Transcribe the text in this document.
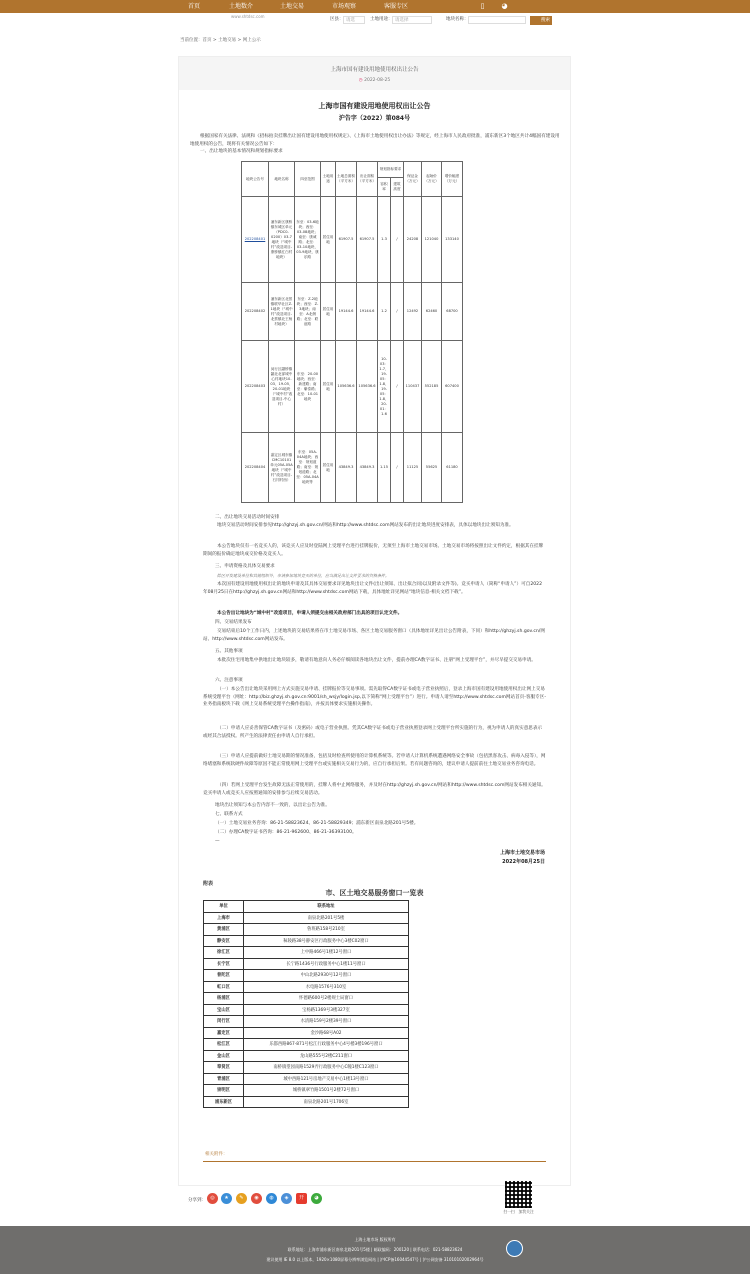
首页	土地数介	土地交易	市场观察	客服专区	▯	◕
www.shtdsc.com
区县： 请选	土地用途： 请选择	地块名称：	搜索
当前位置：首页 > 土地交易 > 网上公示
上海市国有建设用地使用权出让公告
◷ 2022-08-25
上海市国有建设用地使用权出让公告
沪告字（2022）第084号
根据国家有关法律、法规和《招标拍卖挂牌出让国有建设用地使用权规定》、《上海市土地使用权出让办法》等规定，经上海市人民政府批准，浦东新区3个地区共计4幅国有建设用地使用权的公告，现将有关情况公告如下：
一、出让地块的基本情况和规划指标要求
地块公告号	地块名称	四至范围	土地用途	土地总面积（平方米）	出让面积（平方米）	规划指标要求		保证金（万元）	起始价（万元）	增价幅度（万元）
						容积率	建筑高度			
202208401	浦东新区康桥镇东城区单元（PDC0-0200）03-7地块（“城中村”改造项目-康桥镇红白村地块）	东至：03-6地块；西至：03-08地块；南至：康诚路；北至：03-10地块、03-9地块、康乐路	居住用地	61907.5	61907.5	1.3	/	24208	121040	133140
202208402	浦东新区北蔡镇联华社区Z-1地块（“城中村”改造项目-北蔡镇北王杨村地块）	东至：Z-2地块；西至：Z-3地块；南至：A北侧路；北至：联谊路	居住用地	19144.6	19144.6	1.2	/	12492	62460	68700
202208403	闵行区颛桥镇颛北北部城中心村地块10-03、19-05、20-01地块（“城中村”改造项目-中心村）	东至：20-00地块；西至：新建路；南至：紫泰路；北至：10-01地块	居住用地	105636.6	105636.6	10-03：1.7、19-05：1.8、19-05：1.8、20-01：1.6	/	110437	552185	607400
202208404	嘉定区城东镇CMC10101单元05A-05A地块（“城中村”改造项目-石冈村西）	东至：05A-04A地块；西至：规划道路；南至：规划道路；北至：05A-04A地块等	居住用地	43849.3	43849.3	1.15	/	11125	55625	61180
二、出让地块交易活动时间安排
地块交易活动时间安排参见http://ghzyj.sh.gov.cn/网站和http://www.shtdsc.com网站发布的出让地块进度安排表，具体以地块出让须知为准。
本公告地块仅有一名竞买人的，该竞买人应及时登陆网上受理平台进行挂牌报价，无须至上海市土地交易市场。土地交易市场将按照出让文件约定，根据其在挂牌期间的报价确定地块成交价格及竞买人。
三、申请资格及具体交易要求
除区开发建设单位和其他组织外，申请参加地块竞买的单位，应当满足出让文件要求的资格条件。
本次国有建设用地使用权出让的地块申请及其具体交易要求详见地块出让文件(出让须知、出让拟合同)以及附录文件等)。竞买申请人（简称“申请人”）可自2022年08月25日在http://ghzyj.sh.gov.cn网站和http://www.shtdsc.com网站下载，具体地址详见网站“地块信息-相关文档下载”。
本公告出让地块为“城中村”改造项目，申请人须提交由相关政府部门出具的项目认定文件。
四、交易结果发布
交易结束后10个工作日内，上述地块的交易结果将在市土地交易市场、各区土地交易服务窗口（具体地址详见出让公告附表，下同）和http://ghzyj.sh.gov.cn/网站、http://www.shtdsc.com网站发布。
五、其他事项
本批次住宅用地集中供地出让地块较多，敬请有地意向人务必仔细阅读各地块出让文件，提前办理CA数字证书、注册“网上受理平台”，并尽早提交交易申请。
六、注意事项
（一）本公告出让地块采用网上方式实施交易申请、挂牌报价等交易事项。需先取得CA数字证书或电子营业执照后，登录上海市国有建设用地使用权出让网上交易系统受理平台（网址：http://biz.ghzyj.sh.gov.cn:9001/sh_wsjy/login.jsp,以下简称“网上受理平台”）进行。申请人请至http://www.shtdsc.com网站首页-客服专区-业务指南板块下载《网上交易系统受理平台操作指南》，并按具体要求实施相关操作。
（二）申请人应妥善保管CA数字证书（及密码）或电子营业执照。凭其CA数字证书或电子营业执照登录网上受理平台所实施的行为，视为申请人的真实意思表示或经其合法授权。所产生的法律责任由申请人自行承担。
（三）申请人应提前做好土地交易期的情况准备，包括及时检查所使用的计算机系统等。若申请人计算机系统遭遇网络安全事故（包括黑客攻击、病毒入侵等），网络堵塞和系统软硬件故障等原因不能正常使用网上受理平台或实施相关交易行为的，应自行承担后果。若有问题咨询的，建议申请人提前前往土地交易业务咨询电话。
（四）若网上受理平台发生故障无法正常使用的，挂牌人将中止网络服务，并及时在http://ghzyj.sh.gov.cn/网站和http://www.shtdsc.com网站发布相关通知。竞买申请人或竞买人应按照通知的安排参与后续交易活动。
地块出让须知与本公告内容不一致的，以出让公告为准。
七、联系方式
（一）土地交易业务咨询：86-21-58823624、86-21-58829349；浦东新区南泉北路201号5楼。
（二）办理CA数字证书咨询：86-21-962600、86-21-36393100。
—
上海市土地交易市场
2022年08月25日
附表
市、区土地交易服务窗口一览表
单位	联系地址
上海市	南泉北路201号5楼
黄浦区	鲁班路158号210室
静安区	秣陵路38号静安区行政服务中心3楼C02窗口
徐汇区	上中路466号1楼12号窗口
长宁区	长宁路1436号行政服务中心1楼11号窗口
普陀区	中山北路2930号12号窗口
虹口区	水电路1576号310室
杨浦区	怀德路600号2楼规土局窗口
宝山区	宝杨路1369号3楼327室
闵行区	水清路159号2楼39号窗口
嘉定区	金沙路68号A02
松江区	乐都西路867-871号松江行政服务中心4号楼3楼196号窗口
金山区	龙山路555号2楼C211窗口
奉贤区	南桥镇望园南路1529弄行政服务中心C幢1楼C123窗口
青浦区	城中西路121号房地产交易中心1楼13号窗口
崇明区	城桥镇翠竹路1501号2楼72号窗口
浦东新区	南泉北路201号1706室
相关附件：
分享到： ◎	★	✎	◉	◍	◈	开	◕
扫一扫　加我关注
上海土地市场 版权所有
联系地址：上海市浦东新区南泉北路201号5楼 | 邮政编码：200120 | 联系电话：021-58823624
建议使用 IE 8.0 以上版本，1920×1080屏幕分辨率浏览网站 | 沪ICP备16044547号 | 沪公网安备 31010102002964号
